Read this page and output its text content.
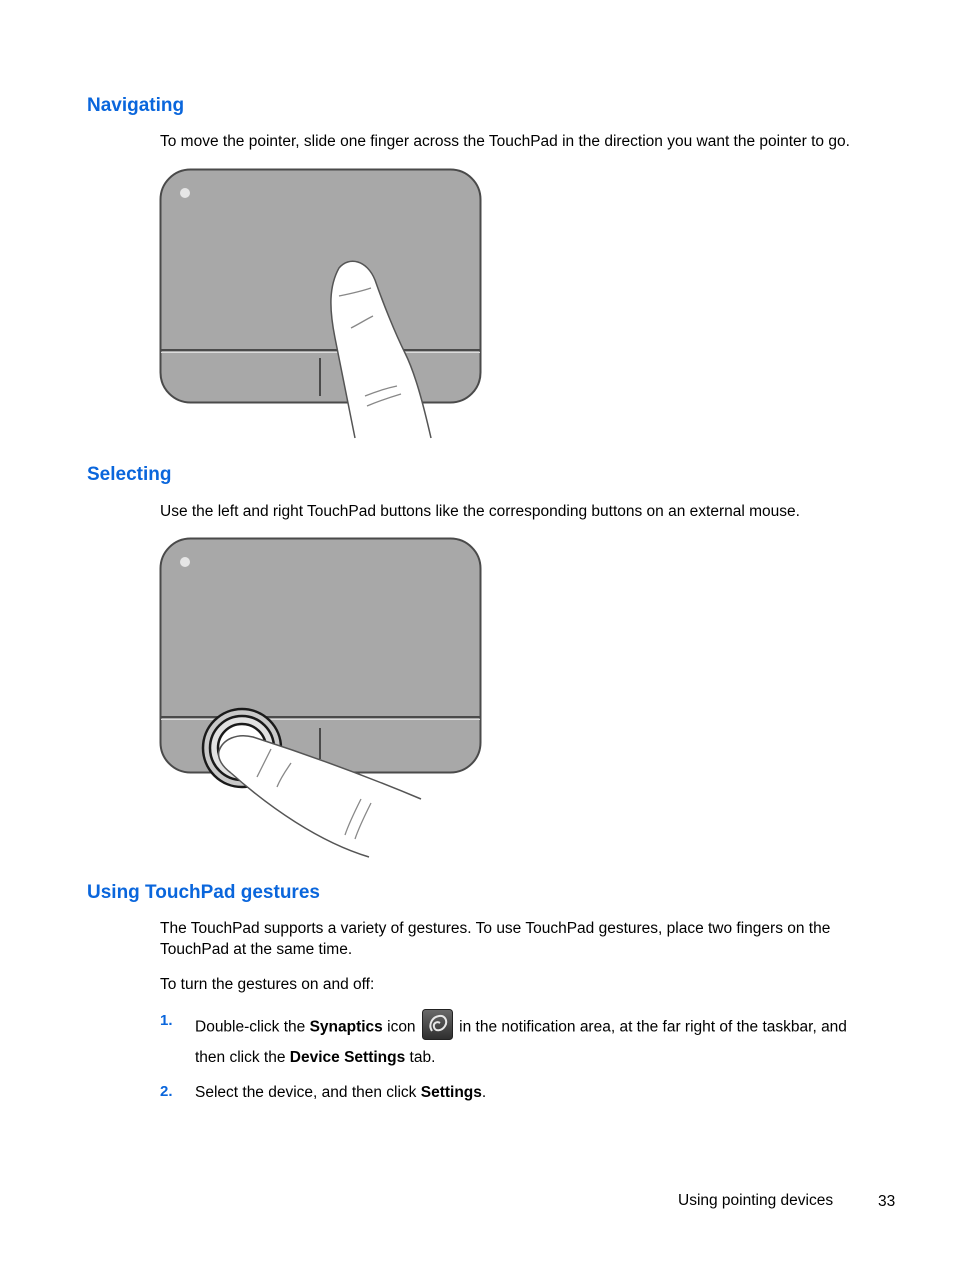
Navigating

To move the pointer, slide one finger across the TouchPad in the direction you want the pointer to go.

Selecting

Use the left and right TouchPad buttons like the corresponding buttons on an external mouse.

Using TouchPad gestures

The TouchPad supports a variety of gestures. To use TouchPad gestures, place two fingers on the TouchPad at the same time.

To turn the gestures on and off:

1. Double-click the Synaptics icon  in the notification area, at the far right of the taskbar, and
then click the Device Settings tab.
2. Select the device, and then click Settings.
Using pointing devices	33
